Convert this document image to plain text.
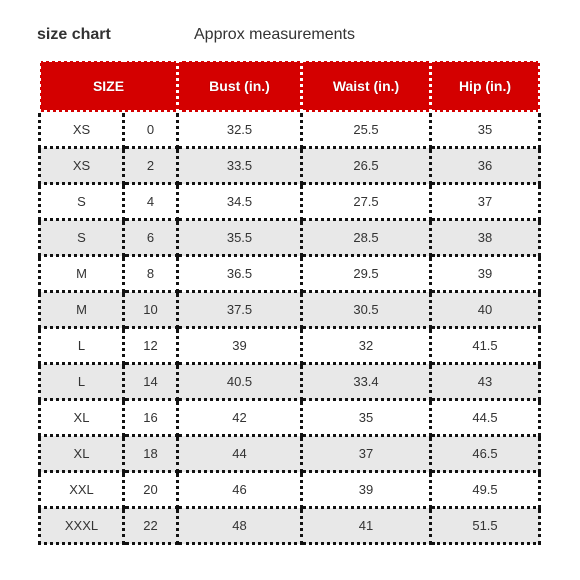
size chart	Approx measurements
SIZE		Bust (in.)	Waist (in.)	Hip (in.)
XS	0	32.5	25.5	35
XS	2	33.5	26.5	36
S	4	34.5	27.5	37
S	6	35.5	28.5	38
M	8	36.5	29.5	39
M	10	37.5	30.5	40
L	12	39	32	41.5
L	14	40.5	33.4	43
XL	16	42	35	44.5
XL	18	44	37	46.5
XXL	20	46	39	49.5
XXXL	22	48	41	51.5
